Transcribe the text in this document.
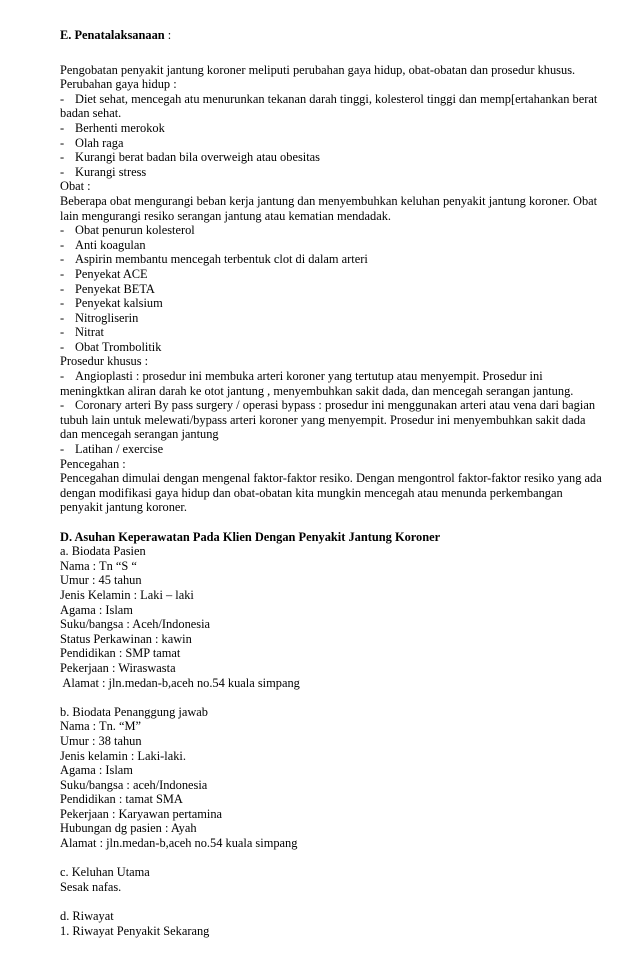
E. Penatalaksanaan :
Pengobatan penyakit jantung koroner meliputi perubahan gaya hidup, obat-obatan dan prosedur khusus.
Perubahan gaya hidup :
- Diet sehat, mencegah atu menurunkan tekanan darah tinggi, kolesterol tinggi dan memp[ertahankan berat
badan sehat.
- Berhenti merokok
- Olah raga
- Kurangi berat badan bila overweigh atau obesitas
- Kurangi stress
Obat :
Beberapa obat mengurangi beban kerja jantung dan menyembuhkan keluhan penyakit jantung koroner. Obat
lain mengurangi resiko serangan jantung atau kematian mendadak.
- Obat penurun kolesterol
- Anti koagulan
- Aspirin membantu mencegah terbentuk clot di dalam arteri
- Penyekat ACE
- Penyekat BETA
- Penyekat kalsium
- Nitrogliserin
- Nitrat
- Obat Trombolitik
Prosedur khusus :
- Angioplasti : prosedur ini membuka arteri koroner yang tertutup atau menyempit. Prosedur ini
meningktkan aliran darah ke otot jantung , menyembuhkan sakit dada, dan mencegah serangan jantung.
- Coronary arteri By pass surgery / operasi bypass : prosedur ini menggunakan arteri atau vena dari bagian
tubuh lain untuk melewati/bypass arteri koroner yang menyempit. Prosedur ini menyembuhkan sakit dada
dan mencegah serangan jantung
- Latihan / exercise
Pencegahan :
Pencegahan dimulai dengan mengenal faktor-faktor resiko. Dengan mengontrol faktor-faktor resiko yang ada
dengan modifikasi gaya hidup dan obat-obatan kita mungkin mencegah atau menunda perkembangan
penyakit jantung koroner.
D. Asuhan Keperawatan Pada Klien Dengan Penyakit Jantung Koroner
a. Biodata Pasien
Nama : Tn “S “
Umur : 45 tahun
Jenis Kelamin : Laki – laki
Agama : Islam
Suku/bangsa : Aceh/Indonesia
Status Perkawinan : kawin
Pendidikan : SMP tamat
Pekerjaan : Wiraswasta
Alamat : jln.medan-b,aceh no.54 kuala simpang
b. Biodata Penanggung jawab
Nama : Tn. “M”
Umur : 38 tahun
Jenis kelamin : Laki-laki.
Agama : Islam
Suku/bangsa : aceh/Indonesia
Pendidikan : tamat SMA
Pekerjaan : Karyawan pertamina
Hubungan dg pasien : Ayah
Alamat : jln.medan-b,aceh no.54 kuala simpang
c. Keluhan Utama
Sesak nafas.
d. Riwayat
1. Riwayat Penyakit Sekarang
